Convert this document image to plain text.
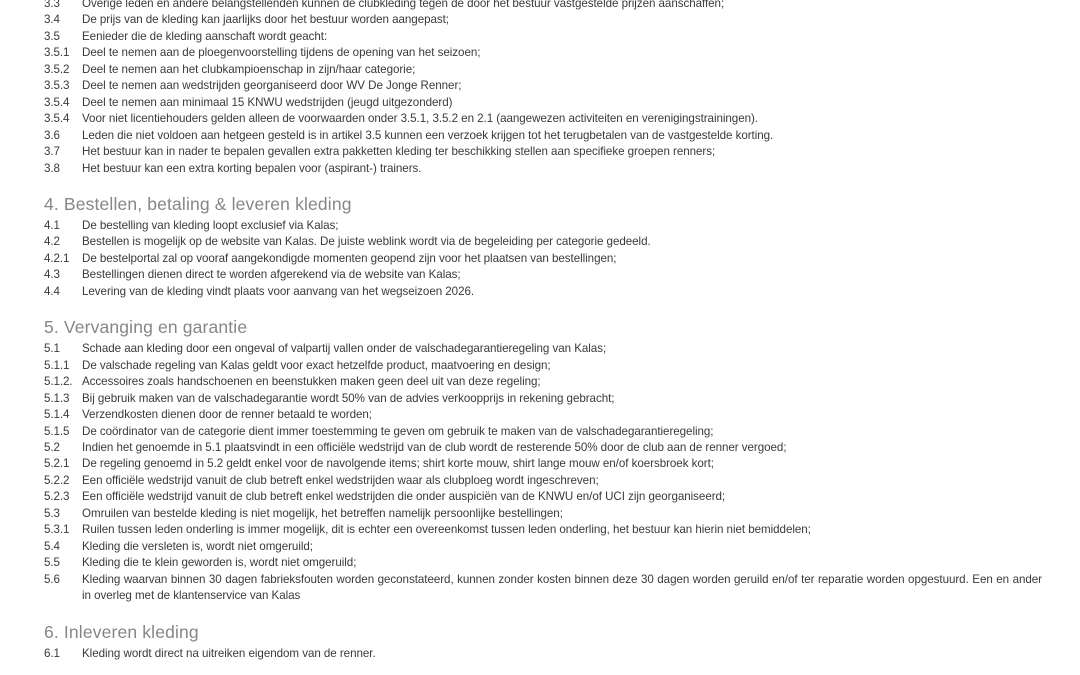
3.3	Overige leden en andere belangstellenden kunnen de clubkleding tegen de door het bestuur vastgestelde prijzen aanschaffen;
3.4	De prijs van de kleding kan jaarlijks door het bestuur worden aangepast;
3.5	Eenieder die de kleding aanschaft wordt geacht:
3.5.1	Deel te nemen aan de ploegenvoorstelling tijdens de opening van het seizoen;
3.5.2	Deel te nemen aan het clubkampioenschap in zijn/haar categorie;
3.5.3	Deel te nemen aan wedstrijden georganiseerd door WV De Jonge Renner;
3.5.4	Deel te nemen aan minimaal 15 KNWU wedstrijden (jeugd uitgezonderd)
3.5.4	Voor niet licentiehouders gelden alleen de voorwaarden onder 3.5.1, 3.5.2 en 2.1 (aangewezen activiteiten en verenigingstrainingen).
3.6	Leden die niet voldoen aan hetgeen gesteld is in artikel 3.5 kunnen een verzoek krijgen tot het terugbetalen van de vastgestelde korting.
3.7	Het bestuur kan in nader te bepalen gevallen extra pakketten kleding ter beschikking stellen aan specifieke groepen renners;
3.8	Het bestuur kan een extra korting bepalen voor (aspirant-) trainers.
4. Bestellen, betaling & leveren kleding
4.1	De bestelling van kleding loopt exclusief via Kalas;
4.2	Bestellen is mogelijk op de website van Kalas. De juiste weblink wordt via de begeleiding per categorie gedeeld.
4.2.1	De bestelportal zal op vooraf aangekondigde momenten geopend zijn voor het plaatsen van bestellingen;
4.3	Bestellingen dienen direct te worden afgerekend via de website van Kalas;
4.4	Levering van de kleding vindt plaats voor aanvang van het wegseizoen 2026.
5. Vervanging en garantie
5.1	Schade aan kleding door een ongeval of valpartij vallen onder de valschadegarantieregeling van Kalas;
5.1.1	De valschade regeling van Kalas geldt voor exact hetzelfde product, maatvoering en design;
5.1.2. Accessoires zoals handschoenen en beenstukken maken geen deel uit van deze regeling;
5.1.3	Bij gebruik maken van de valschadegarantie wordt 50% van de advies verkoopprijs in rekening gebracht;
5.1.4	Verzendkosten dienen door de renner betaald te worden;
5.1.5	De coördinator van de categorie dient immer toestemming te geven om gebruik te maken van de valschadegarantieregeling;
5.2	Indien het genoemde in 5.1 plaatsvindt in een officiële wedstrijd van de club wordt de resterende 50% door de club aan de renner vergoed;
5.2.1	De regeling genoemd in 5.2 geldt enkel voor de navolgende items; shirt korte mouw, shirt lange mouw en/of koersbroek kort;
5.2.2	Een officiële wedstrijd vanuit de club betreft enkel wedstrijden waar als clubploeg wordt ingeschreven;
5.2.3	Een officiële wedstrijd vanuit de club betreft enkel wedstrijden die onder auspiciën van de KNWU en/of UCI zijn georganiseerd;
5.3	Omruilen van bestelde kleding is niet mogelijk, het betreffen namelijk persoonlijke bestellingen;
5.3.1	Ruilen tussen leden onderling is immer mogelijk, dit is echter een overeenkomst tussen leden onderling, het bestuur kan hierin niet bemiddelen;
5.4	Kleding die versleten is, wordt niet omgeruild;
5.5	Kleding die te klein geworden is, wordt niet omgeruild;
5.6	Kleding waarvan binnen 30 dagen fabrieksfouten worden geconstateerd, kunnen zonder kosten binnen deze 30 dagen worden geruild en/of ter reparatie worden opgestuurd. Een en ander in overleg met de klantenservice van Kalas
6. Inleveren kleding
6.1	Kleding wordt direct na uitreiken eigendom van de renner.
